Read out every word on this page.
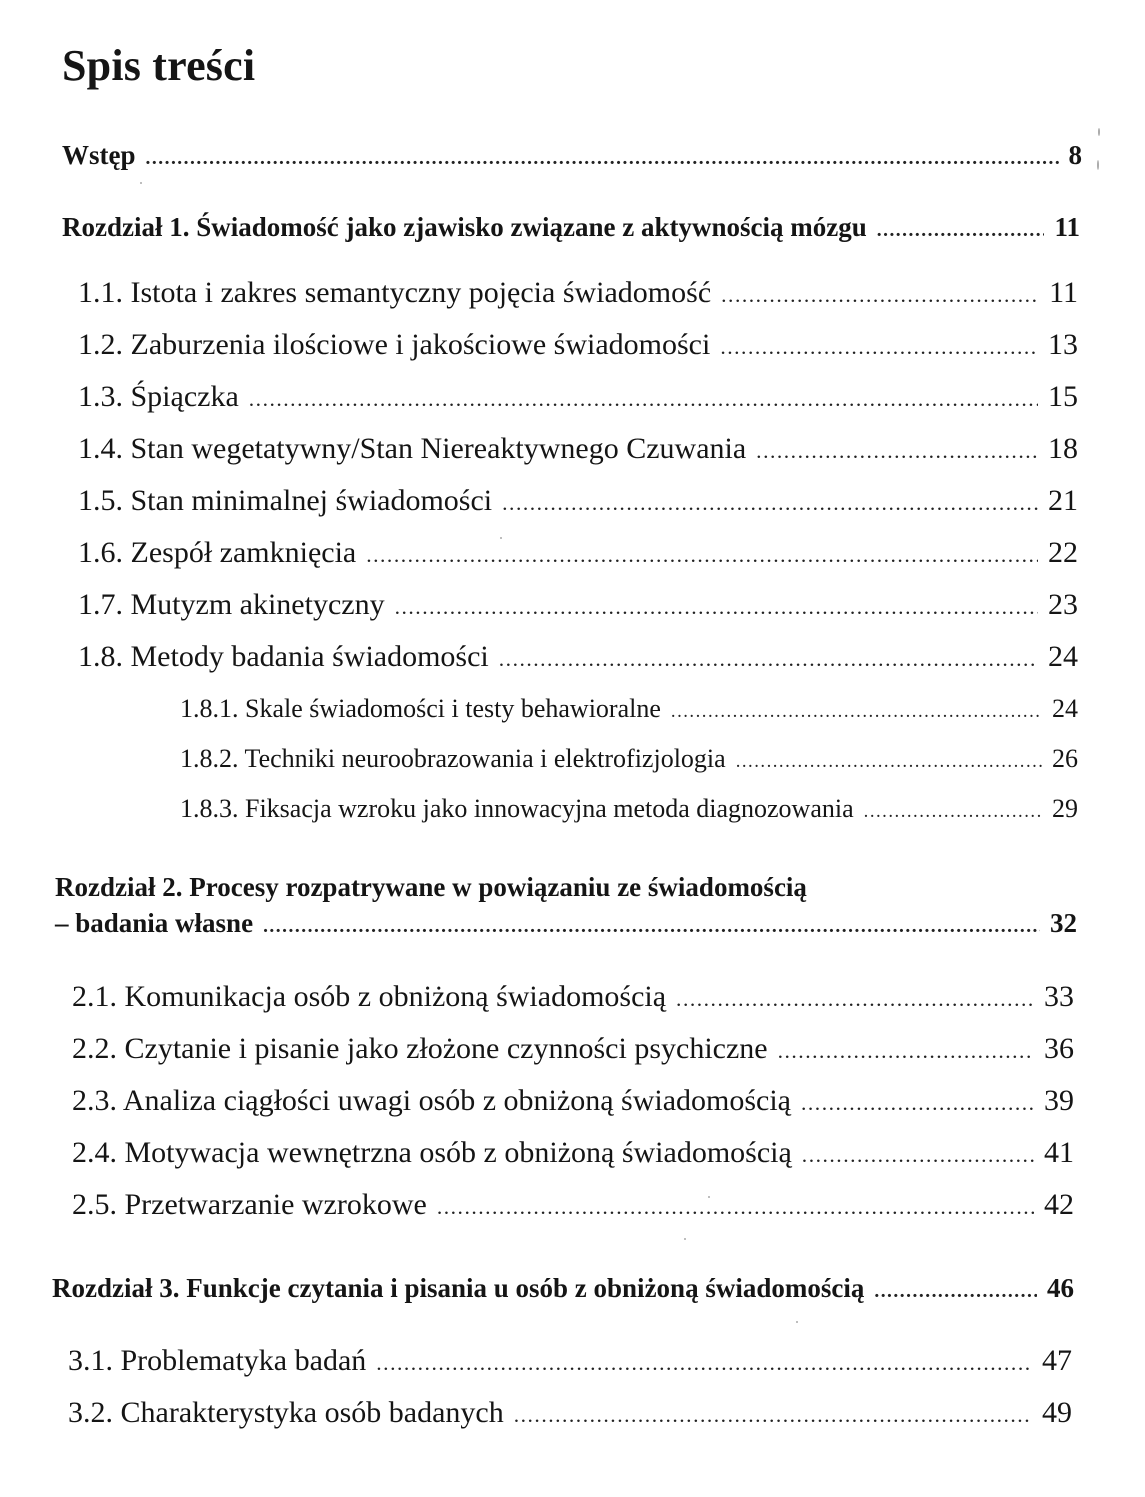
Spis treści
Wstęp .....	8
Rozdział 1. Świadomość jako zjawisko związane z aktywnością mózgu .....	11
1.1. Istota i zakres semantyczny pojęcia świadomość .....	11
1.2. Zaburzenia ilościowe i jakościowe świadomości .....	13
1.3. Śpiączka .....	15
1.4. Stan wegetatywny/Stan Niereaktywnego Czuwania .....	18
1.5. Stan minimalnej świadomości .....	21
1.6. Zespół zamknięcia .....	22
1.7. Mutyzm akinetyczny .....	23
1.8. Metody badania świadomości .....	24
1.8.1. Skale świadomości i testy behawioralne .....	24
1.8.2. Techniki neuroobrazowania i elektrofizjologia .....	26
1.8.3. Fiksacja wzroku jako innowacyjna metoda diagnozowania .....	29
Rozdział 2. Procesy rozpatrywane w powiązaniu ze świadomością
– badania własne .....	32
2.1. Komunikacja osób z obniżoną świadomością .....	33
2.2. Czytanie i pisanie jako złożone czynności psychiczne .....	36
2.3. Analiza ciągłości uwagi osób z obniżoną świadomością .....	39
2.4. Motywacja wewnętrzna osób z obniżoną świadomością .....	41
2.5. Przetwarzanie wzrokowe .....	42
Rozdział 3. Funkcje czytania i pisania u osób z obniżoną świadomością .....	46
3.1. Problematyka badań .....	47
3.2. Charakterystyka osób badanych .....	49
